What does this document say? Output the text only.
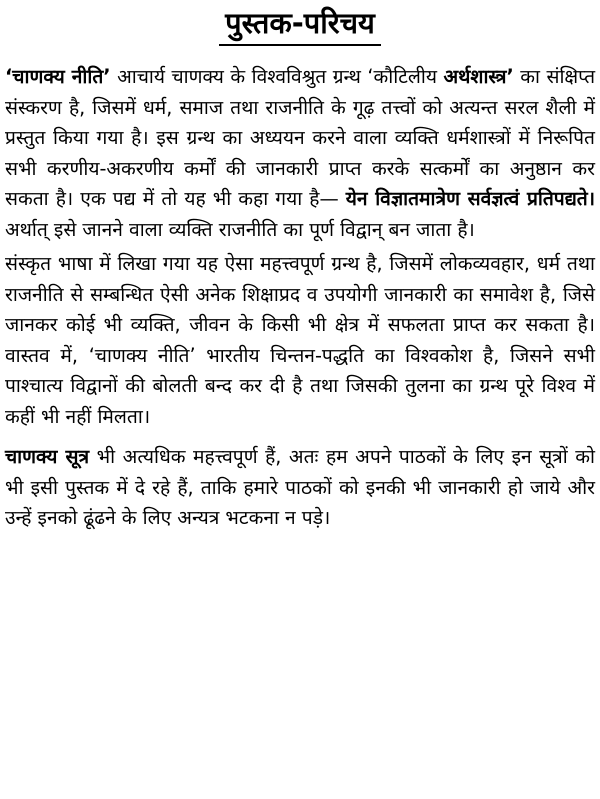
पुस्तक-परिचय

‘चाणक्य नीति’ आचार्य चाणक्य के विश्वविश्रुत ग्रन्थ ‘कौटिलीय अर्थशास्त्र’ का संक्षिप्त संस्करण है, जिसमें धर्म, समाज तथा राजनीति के गूढ़ तत्त्वों को अत्यन्त सरल शैली में प्रस्तुत किया गया है। इस ग्रन्थ का अध्ययन करने वाला व्यक्ति धर्मशास्त्रों में निरूपित सभी करणीय-अकरणीय कर्मों की जानकारी प्राप्त करके सत्कर्मों का अनुष्ठान कर सकता है। एक पद्य में तो यह भी कहा गया है— येन विज्ञातमात्रेण सर्वज्ञत्वं प्रतिपद्यते। अर्थात् इसे जानने वाला व्यक्ति राजनीति का पूर्ण विद्वान् बन जाता है।

संस्कृत भाषा में लिखा गया यह ऐसा महत्त्वपूर्ण ग्रन्थ है, जिसमें लोकव्यवहार, धर्म तथा राजनीति से सम्बन्धित ऐसी अनेक शिक्षाप्रद व उपयोगी जानकारी का समावेश है, जिसे जानकर कोई भी व्यक्ति, जीवन के किसी भी क्षेत्र में सफलता प्राप्त कर सकता है। वास्तव में, ‘चाणक्य नीति’ भारतीय चिन्तन-पद्धति का विश्वकोश है, जिसने सभी पाश्चात्य विद्वानों की बोलती बन्द कर दी है तथा जिसकी तुलना का ग्रन्थ पूरे विश्व में कहीं भी नहीं मिलता।

चाणक्य सूत्र भी अत्यधिक महत्त्वपूर्ण हैं, अतः हम अपने पाठकों के लिए इन सूत्रों को भी इसी पुस्तक में दे रहे हैं, ताकि हमारे पाठकों को इनकी भी जानकारी हो जाये और उन्हें इनको ढूंढने के लिए अन्यत्र भटकना न पड़े।
